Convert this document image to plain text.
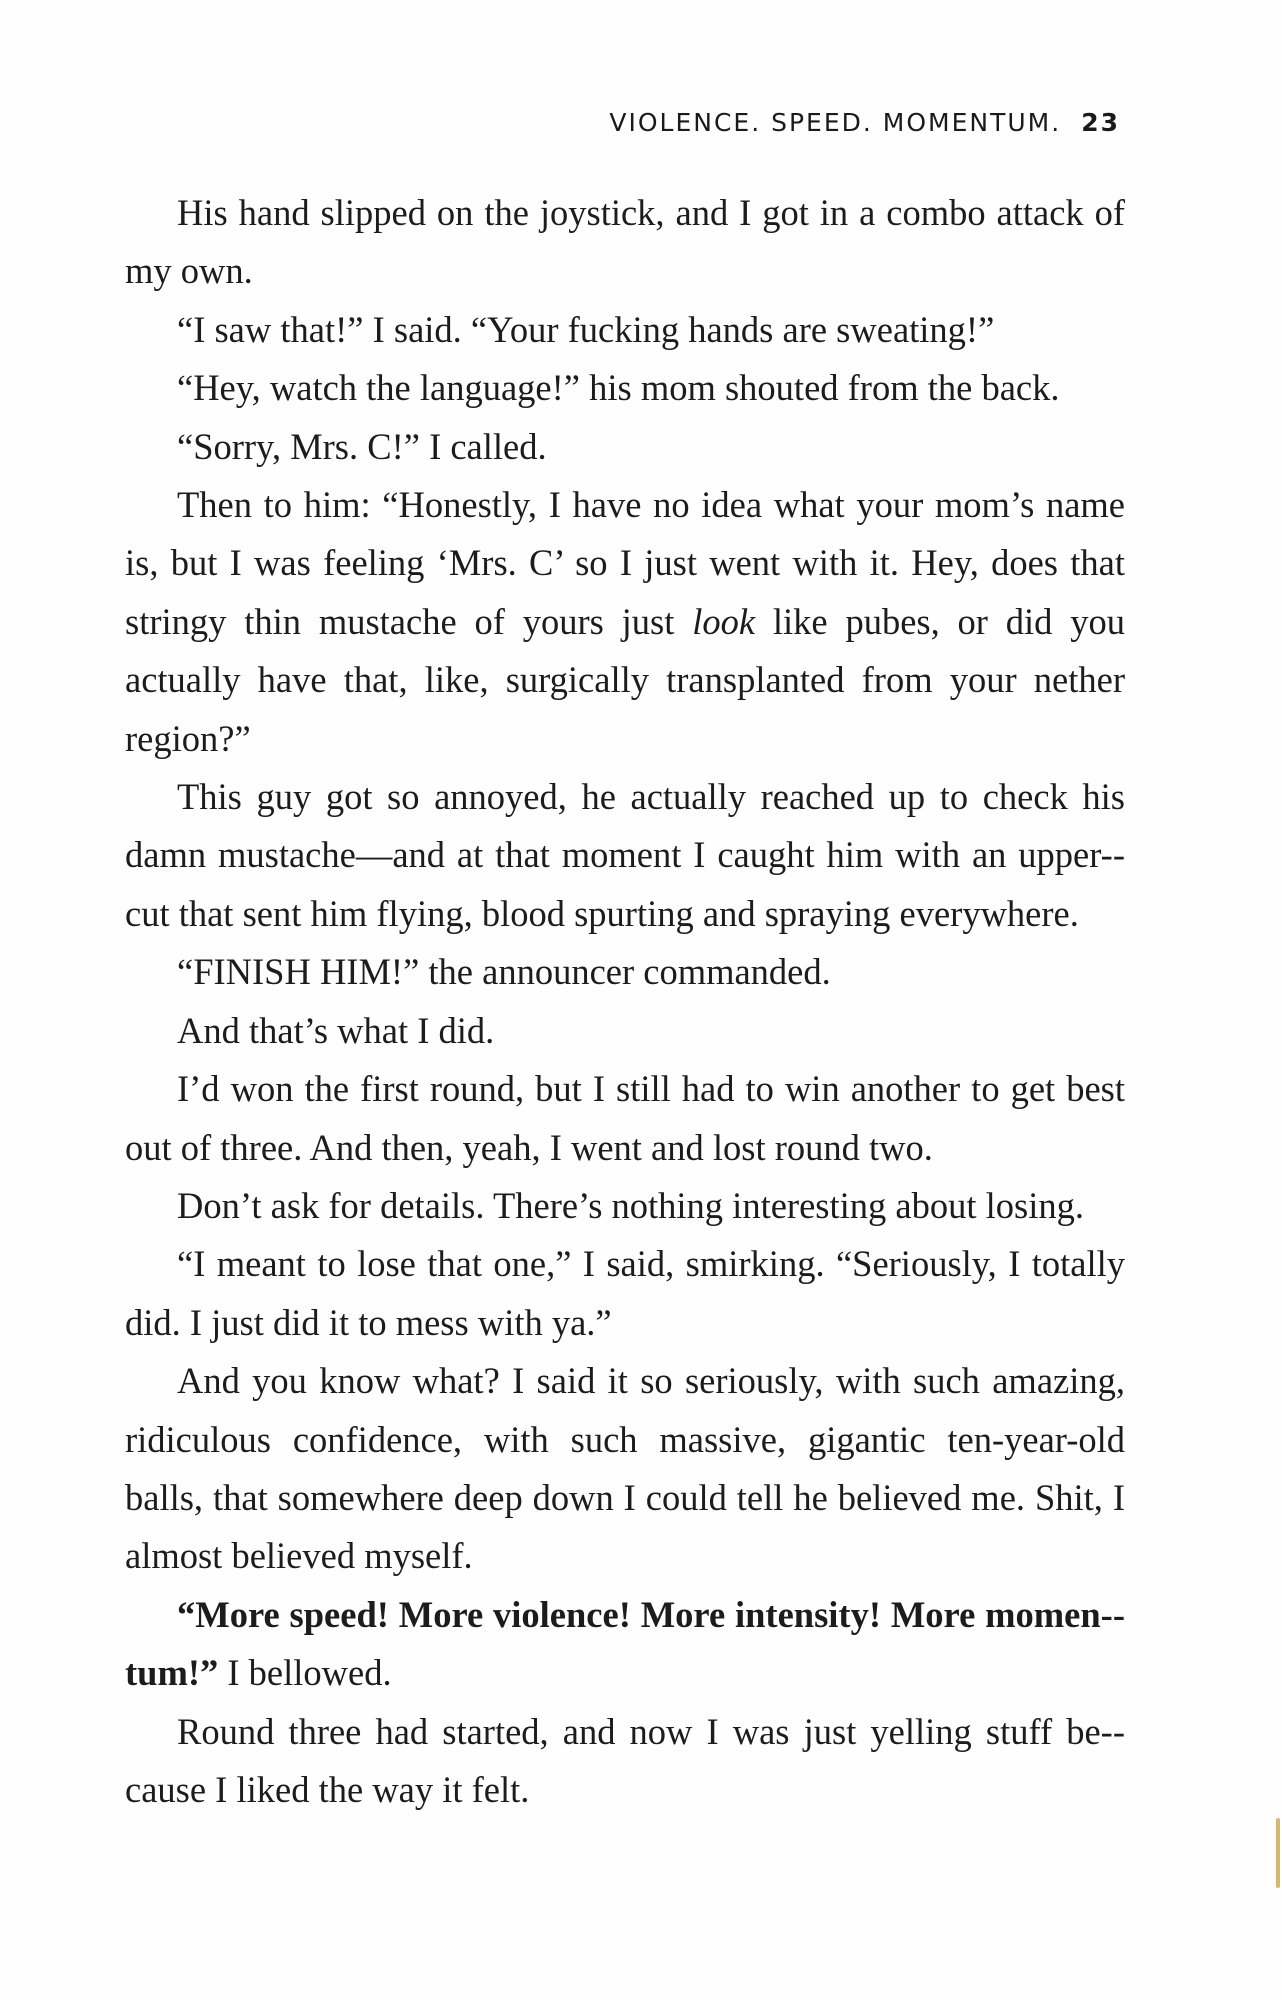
VIOLENCE. SPEED. MOMENTUM. 23

His hand slipped on the joystick, and I got in a combo attack of my own.

“I saw that!” I said. “Your fucking hands are sweating!”

“Hey, watch the language!” his mom shouted from the back.

“Sorry, Mrs. C!” I called.

Then to him: “Honestly, I have no idea what your mom’s name is, but I was feeling ‘Mrs. C’ so I just went with it. Hey, does that stringy thin mustache of yours just look like pubes, or did you actually have that, like, surgically transplanted from your nether region?”

This guy got so annoyed, he actually reached up to check his damn mustache—and at that moment I caught him with an upper-cut that sent him flying, blood spurting and spraying everywhere.

“FINISH HIM!” the announcer commanded.

And that’s what I did.

I’d won the first round, but I still had to win another to get best out of three. And then, yeah, I went and lost round two.

Don’t ask for details. There’s nothing interesting about losing.

“I meant to lose that one,” I said, smirking. “Seriously, I totally did. I just did it to mess with ya.”

And you know what? I said it so seriously, with such amazing, ridiculous confidence, with such massive, gigantic ten-year-old balls, that somewhere deep down I could tell he believed me. Shit, I almost believed myself.

“More speed! More violence! More intensity! More momen-tum!” I bellowed.

Round three had started, and now I was just yelling stuff be-cause I liked the way it felt.
